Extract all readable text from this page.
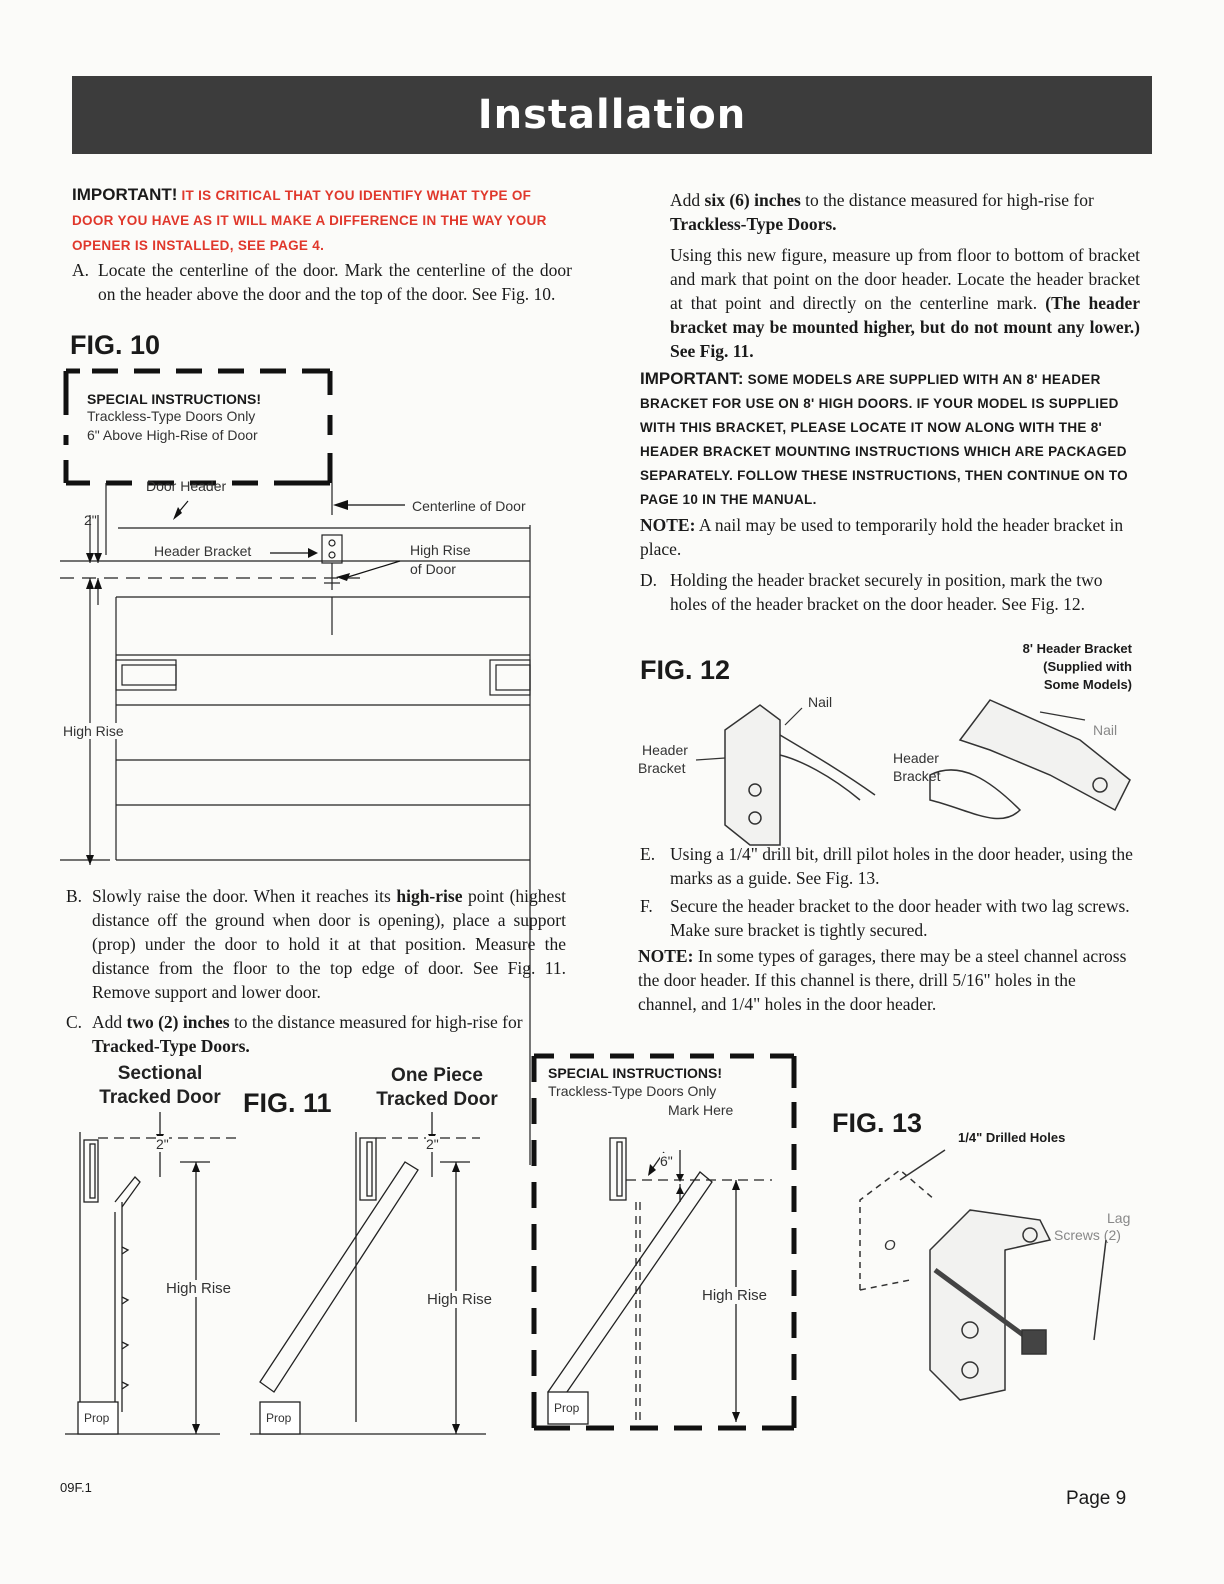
Installation
IMPORTANT! IT IS CRITICAL THAT YOU IDENTIFY WHAT TYPE OF DOOR YOU HAVE AS IT WILL MAKE A DIFFERENCE IN THE WAY YOUR OPENER IS INSTALLED, SEE PAGE 4.
A. Locate the centerline of the door. Mark the centerline of the door on the header above the door and the top of the door. See Fig. 10.
FIG. 10
SPECIAL INSTRUCTIONS!
Trackless-Type Doors Only
6" Above High-Rise of Door
Door Header
Centerline of Door
2"
Header Bracket	High Rise
of Door
High Rise
B. Slowly raise the door. When it reaches its high-rise point (highest distance off the ground when door is opening), place a support (prop) under the door to hold it at that position. Measure the distance from the floor to the top edge of door. See Fig. 11. Remove support and lower door.
C. Add two (2) inches to the distance measured for high-rise for Tracked-Type Doors.
Add six (6) inches to the distance measured for high-rise for Trackless-Type Doors.
Using this new figure, measure up from floor to bottom of bracket and mark that point on the door header. Locate the header bracket at that point and directly on the centerline mark. (The header bracket may be mounted higher, but do not mount any lower.) See Fig. 11.
IMPORTANT: SOME MODELS ARE SUPPLIED WITH AN 8' HEADER BRACKET FOR USE ON 8' HIGH DOORS. IF YOUR MODEL IS SUPPLIED WITH THIS BRACKET, PLEASE LOCATE IT NOW ALONG WITH THE 8' HEADER BRACKET MOUNTING INSTRUCTIONS WHICH ARE PACKAGED SEPARATELY. FOLLOW THESE INSTRUCTIONS, THEN CONTINUE ON TO PAGE 10 IN THE MANUAL.
NOTE: A nail may be used to temporarily hold the header bracket in place.
D. Holding the header bracket securely in position, mark the two holes of the header bracket on the door header. See Fig. 12.
FIG. 12
8' Header Bracket
(Supplied with
Some Models)
Nail
Nail
Header
Bracket
Header
Bracket
E. Using a 1/4" drill bit, drill pilot holes in the door header, using the marks as a guide. See Fig. 13.
F. Secure the header bracket to the door header with two lag screws. Make sure bracket is tightly secured.
NOTE: In some types of garages, there may be a steel channel across the door header. If this channel is there, drill 5/16" holes in the channel, and 1/4" holes in the door header.
Sectional
Tracked Door FIG. 11
One Piece
Tracked Door
2"	2"
6"
High Rise
High Rise	High Rise
Prop	Prop
Prop
SPECIAL INSTRUCTIONS!
Trackless-Type Doors Only
Mark Here	FIG. 13	1/4" Drilled Holes
Lag
Screws (2)
O
09F.1
Page 9
